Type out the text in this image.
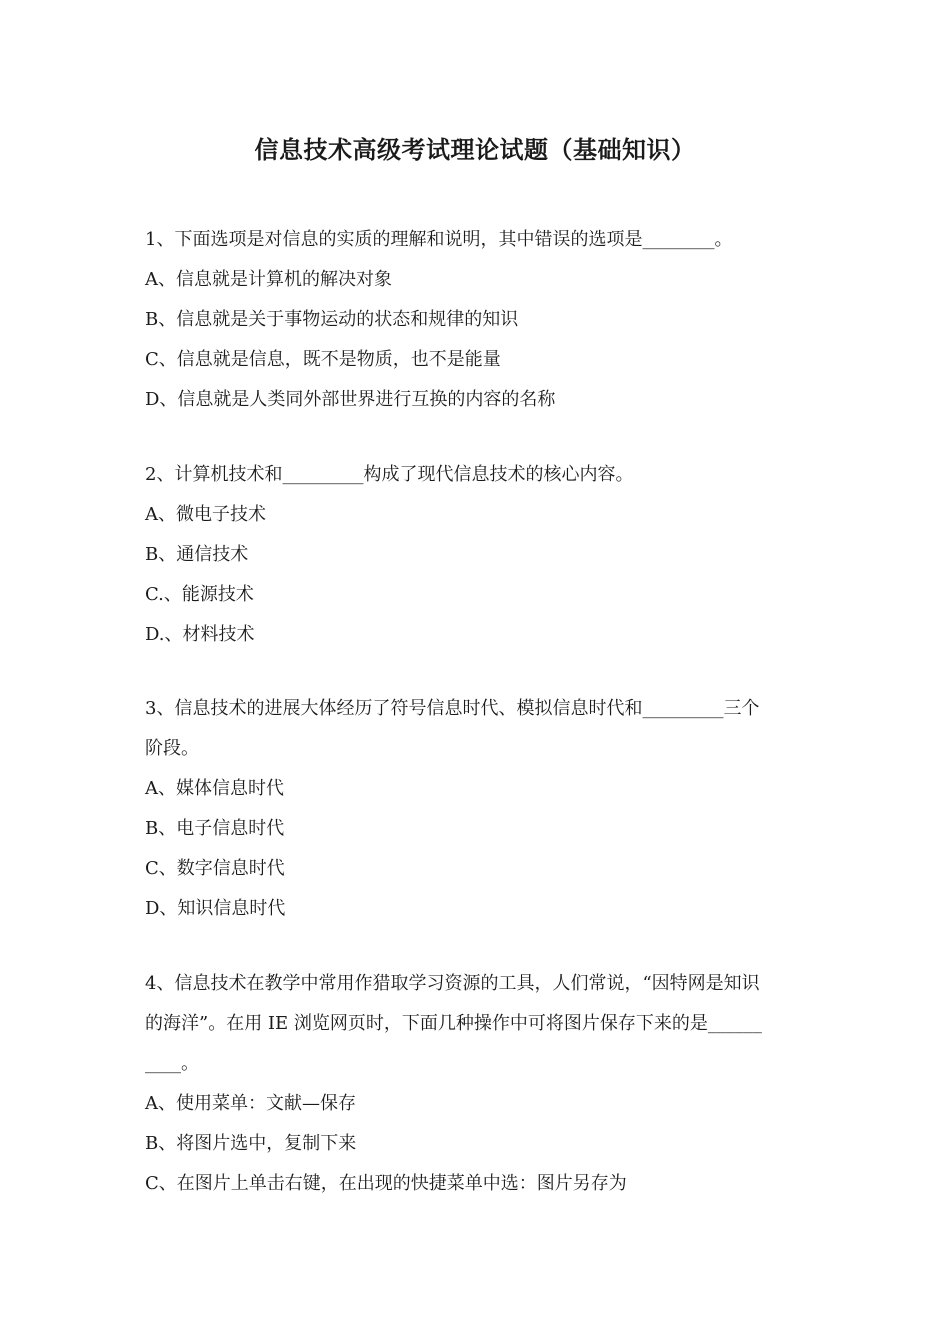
信息技术高级考试理论试题（基础知识）
1、下面选项是对信息的实质的理解和说明，其中错误的选项是________。
A、信息就是计算机的解决对象
B、信息就是关于事物运动的状态和规律的知识
C、信息就是信息，既不是物质，也不是能量
D、信息就是人类同外部世界进行互换的内容的名称
2、计算机技术和_________构成了现代信息技术的核心内容。
A、微电子技术
B、通信技术
C.、能源技术
D.、材料技术
3、信息技术的进展大体经历了符号信息时代、模拟信息时代和_________三个
阶段。
A、媒体信息时代
B、电子信息时代
C、数字信息时代
D、知识信息时代
4、信息技术在教学中常用作猎取学习资源的工具，人们常说，“因特网是知识
的海洋”。在用 IE 浏览网页时，下面几种操作中可将图片保存下来的是______
____。
A、使用菜单：文献—保存
B、将图片选中，复制下来
C、在图片上单击右键，在出现的快捷菜单中选：图片另存为
